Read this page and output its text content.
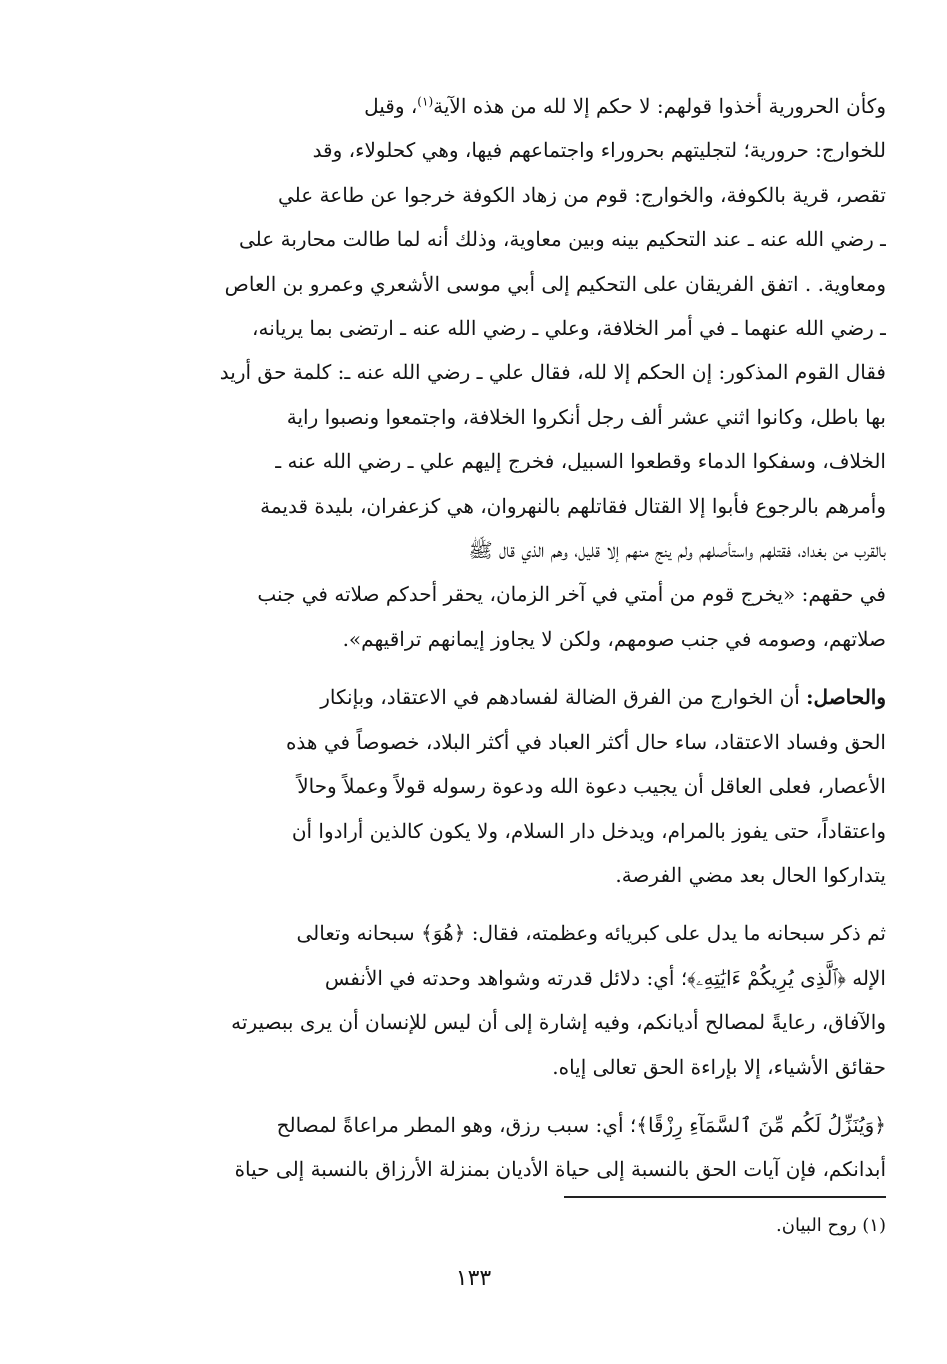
وكأن الحرورية أخذوا قولهم: لا حكم إلا لله من هذه الآية$^{(١)}$، وقيل
للخوارج: حرورية؛ لتجليتهم بحروراء واجتماعهم فيها، وهي كحلولاء، وقد
تقصر، قرية بالكوفة، والخوارج: قوم من زهاد الكوفة خرجوا عن طاعة علي
ـ رضي الله عنه ـ عند التحكيم بينه وبين معاوية، وذلك أنه لما طالت محاربة على
ومعاوية. . اتفق الفريقان على التحكيم إلى أبي موسى الأشعري وعمرو بن العاص
ـ رضي الله عنهما ـ في أمر الخلافة، وعلي ـ رضي الله عنه ـ ارتضى بما يريانه،
فقال القوم المذكور: إن الحكم إلا لله، فقال علي ـ رضي الله عنه ـ: كلمة حق أريد
بها باطل، وكانوا اثني عشر ألف رجل أنكروا الخلافة، واجتمعوا ونصبوا راية
الخلاف، وسفكوا الدماء وقطعوا السبيل، فخرج إليهم علي ـ رضي الله عنه ـ
وأمرهم بالرجوع فأبوا إلا القتال فقاتلهم بالنهروان، هي كزعفران، بليدة قديمة
بالقرب من بغداد، فقتلهم واستأصلهم ولم ينج منهم إلا قليل، وهم الذي قال ﷺ
في حقهم: «يخرج قوم من أمتي في آخر الزمان، يحقر أحدكم صلاته في جنب
صلاتهم، وصومه في جنب صومهم، ولكن لا يجاوز إيمانهم تراقيهم».

والحاصل: أن الخوارج من الفرق الضالة لفسادهم في الاعتقاد، وبإنكار
الحق وفساد الاعتقاد، ساء حال أكثر العباد في أكثر البلاد، خصوصاً في هذه
الأعصار، فعلى العاقل أن يجيب دعوة الله ودعوة رسوله قولاً وعملاً وحالاً
واعتقاداً، حتى يفوز بالمرام، ويدخل دار السلام، ولا يكون كالذين أرادوا أن
يتداركوا الحال بعد مضي الفرصة.

ثم ذكر سبحانه ما يدل على كبريائه وعظمته، فقال: ﴿هُوَ﴾ سبحانه وتعالى
الإله ﴿ٱلَّذِى يُرِيكُمْ ءَايَٰتِهِۦ﴾؛ أي: دلائل قدرته وشواهد وحدته في الأنفس
والآفاق، رعايةً لمصالح أديانكم، وفيه إشارة إلى أن ليس للإنسان أن يرى ببصيرته
حقائق الأشياء، إلا بإراءة الحق تعالى إياه.

﴿وَيُنَزِّلُ لَكُم مِّنَ ٱلسَّمَآءِ رِزْقًا﴾؛ أي: سبب رزق، وهو المطر مراعاةً لمصالح
أبدانكم، فإن آيات الحق بالنسبة إلى حياة الأديان بمنزلة الأرزاق بالنسبة إلى حياة

(١) روح البيان.
١٣٣
